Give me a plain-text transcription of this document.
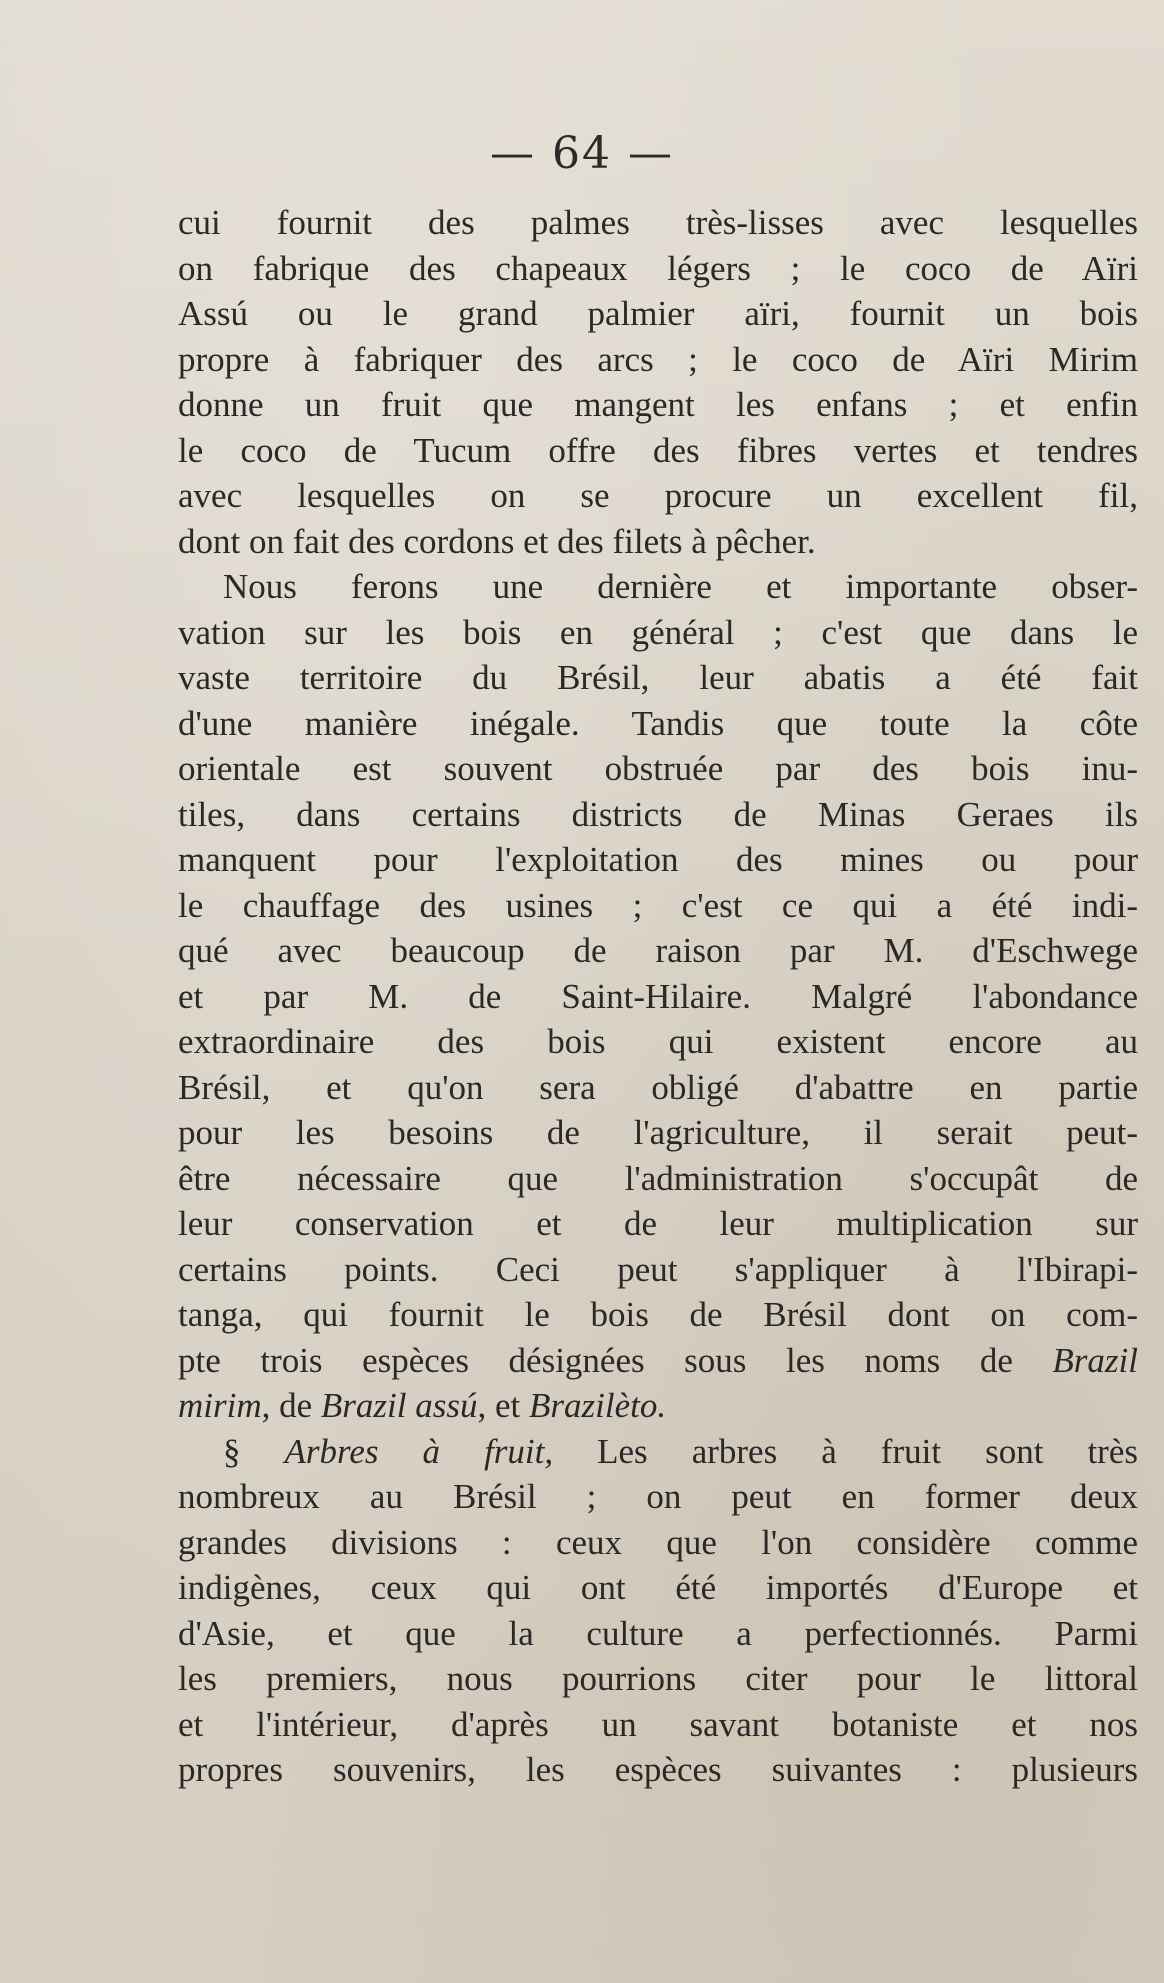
— 64 —
cui fournit des palmes très-lisses avec lesquelles
on fabrique des chapeaux légers ; le coco de Aïri
Assú ou le grand palmier aïri, fournit un bois
propre à fabriquer des arcs ; le coco de Aïri Mirim
donne un fruit que mangent les enfans ; et enfin
le coco de Tucum offre des fibres vertes et tendres
avec lesquelles on se procure un excellent fil,
dont on fait des cordons et des filets à pêcher.
Nous ferons une dernière et importante obser-
vation sur les bois en général ; c'est que dans le
vaste territoire du Brésil, leur abatis a été fait
d'une manière inégale. Tandis que toute la côte
orientale est souvent obstruée par des bois inu-
tiles, dans certains districts de Minas Geraes ils
manquent pour l'exploitation des mines ou pour
le chauffage des usines ; c'est ce qui a été indi-
qué avec beaucoup de raison par M. d'Eschwege
et par M. de Saint-Hilaire. Malgré l'abondance
extraordinaire des bois qui existent encore au
Brésil, et qu'on sera obligé d'abattre en partie
pour les besoins de l'agriculture, il serait peut-
être nécessaire que l'administration s'occupât de
leur conservation et de leur multiplication sur
certains points. Ceci peut s'appliquer à l'Ibirapi-
tanga, qui fournit le bois de Brésil dont on com-
pte trois espèces désignées sous les noms de Brazil
mirim, de Brazil assú, et Brazilèto.
§ Arbres à fruit, Les arbres à fruit sont très
nombreux au Brésil ; on peut en former deux
grandes divisions : ceux que l'on considère comme
indigènes, ceux qui ont été importés d'Europe et
d'Asie, et que la culture a perfectionnés. Parmi
les premiers, nous pourrions citer pour le littoral
et l'intérieur, d'après un savant botaniste et nos
propres souvenirs, les espèces suivantes : plusieurs
